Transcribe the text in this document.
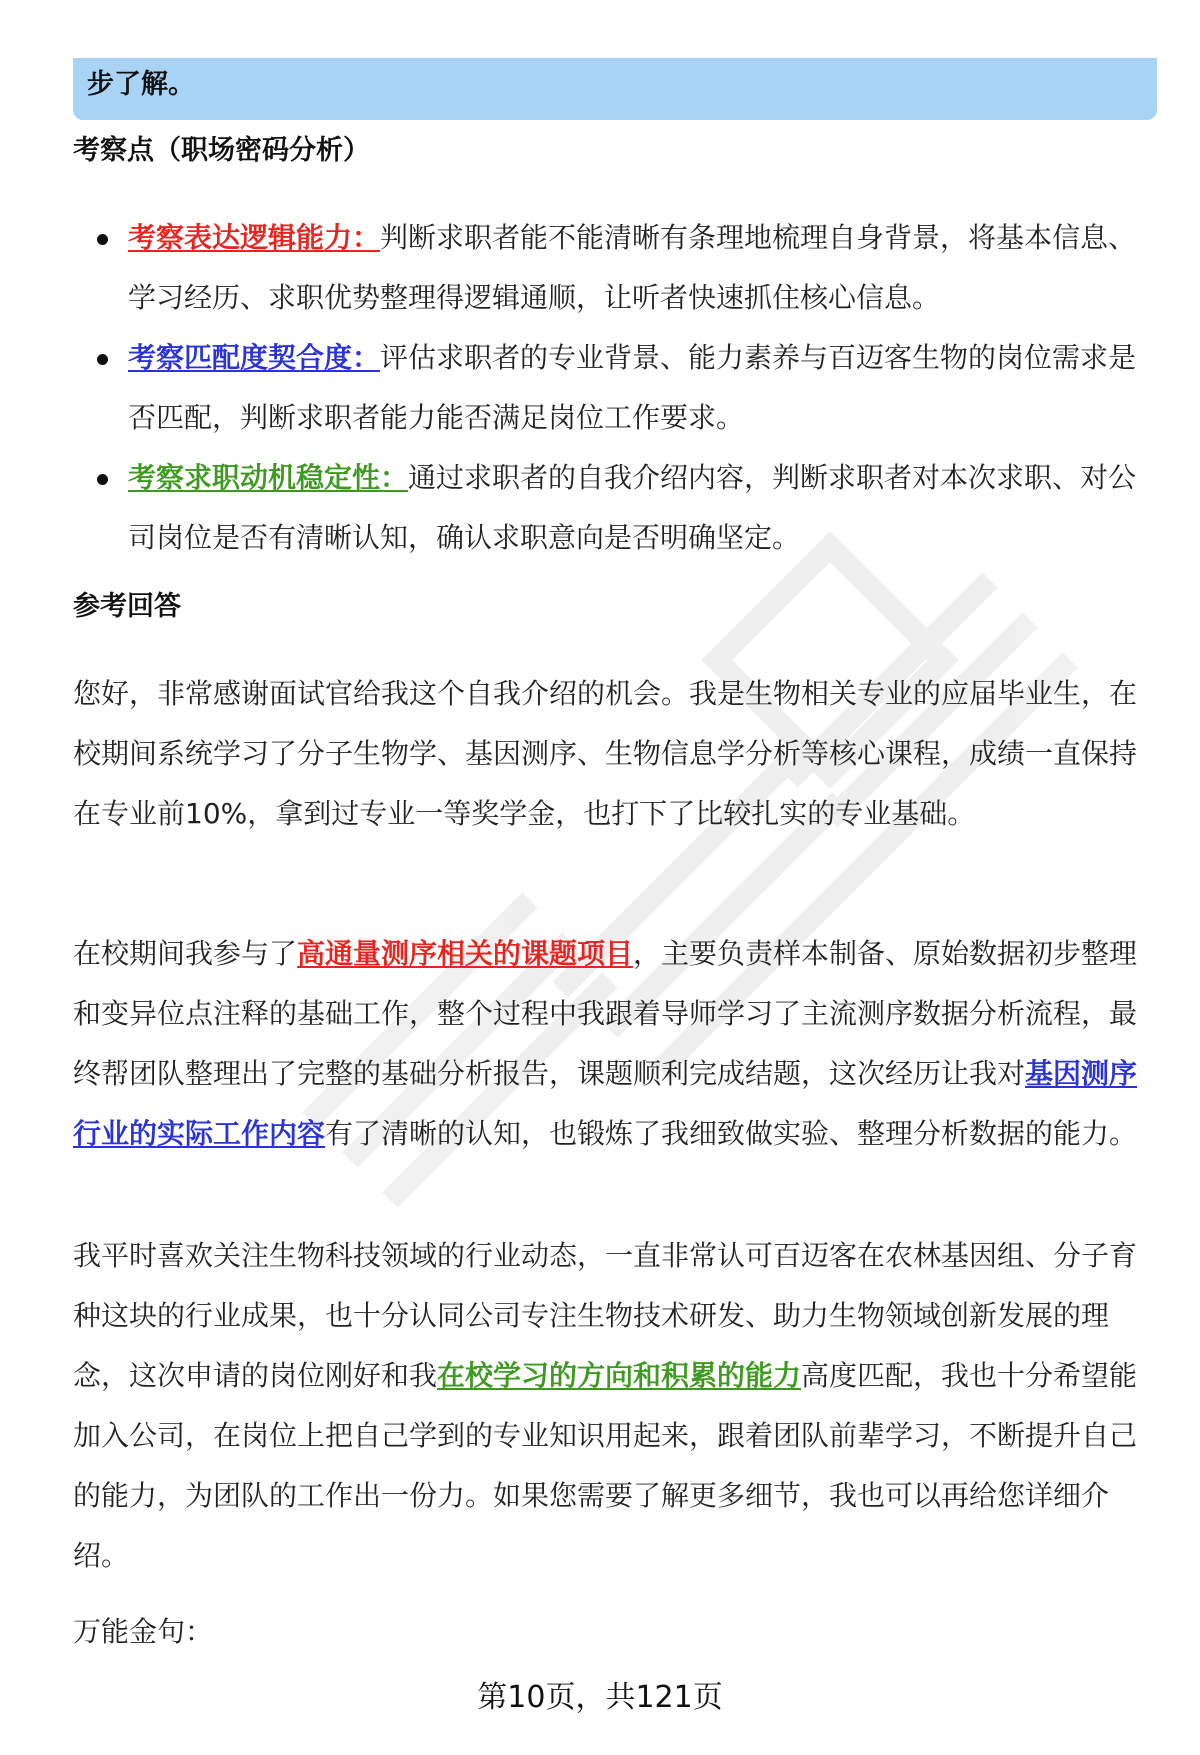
步了解。
考察点（职场密码分析）
考察表达逻辑能力：判断求职者能不能清晰有条理地梳理自身背景，将基本信息、学习经历、求职优势整理得逻辑通顺，让听者快速抓住核心信息。
考察匹配度契合度：评估求职者的专业背景、能力素养与百迈客生物的岗位需求是否匹配，判断求职者能力能否满足岗位工作要求。
考察求职动机稳定性：通过求职者的自我介绍内容，判断求职者对本次求职、对公司岗位是否有清晰认知，确认求职意向是否明确坚定。
参考回答

您好，非常感谢面试官给我这个自我介绍的机会。我是生物相关专业的应届毕业生，在校期间系统学习了分子生物学、基因测序、生物信息学分析等核心课程，成绩一直保持在专业前10%，拿到过专业一等奖学金，也打下了比较扎实的专业基础。

在校期间我参与了高通量测序相关的课题项目，主要负责样本制备、原始数据初步整理和变异位点注释的基础工作，整个过程中我跟着导师学习了主流测序数据分析流程，最终帮团队整理出了完整的基础分析报告，课题顺利完成结题，这次经历让我对基因测序行业的实际工作内容有了清晰的认知，也锻炼了我细致做实验、整理分析数据的能力。

我平时喜欢关注生物科技领域的行业动态，一直非常认可百迈客在农林基因组、分子育种这块的行业成果，也十分认同公司专注生物技术研发、助力生物领域创新发展的理念，这次申请的岗位刚好和我在校学习的方向和积累的能力高度匹配，我也十分希望能加入公司，在岗位上把自己学到的专业知识用起来，跟着团队前辈学习，不断提升自己的能力，为团队的工作出一份力。如果您需要了解更多细节，我也可以再给您详细介绍。

万能金句：

第10页，共121页
